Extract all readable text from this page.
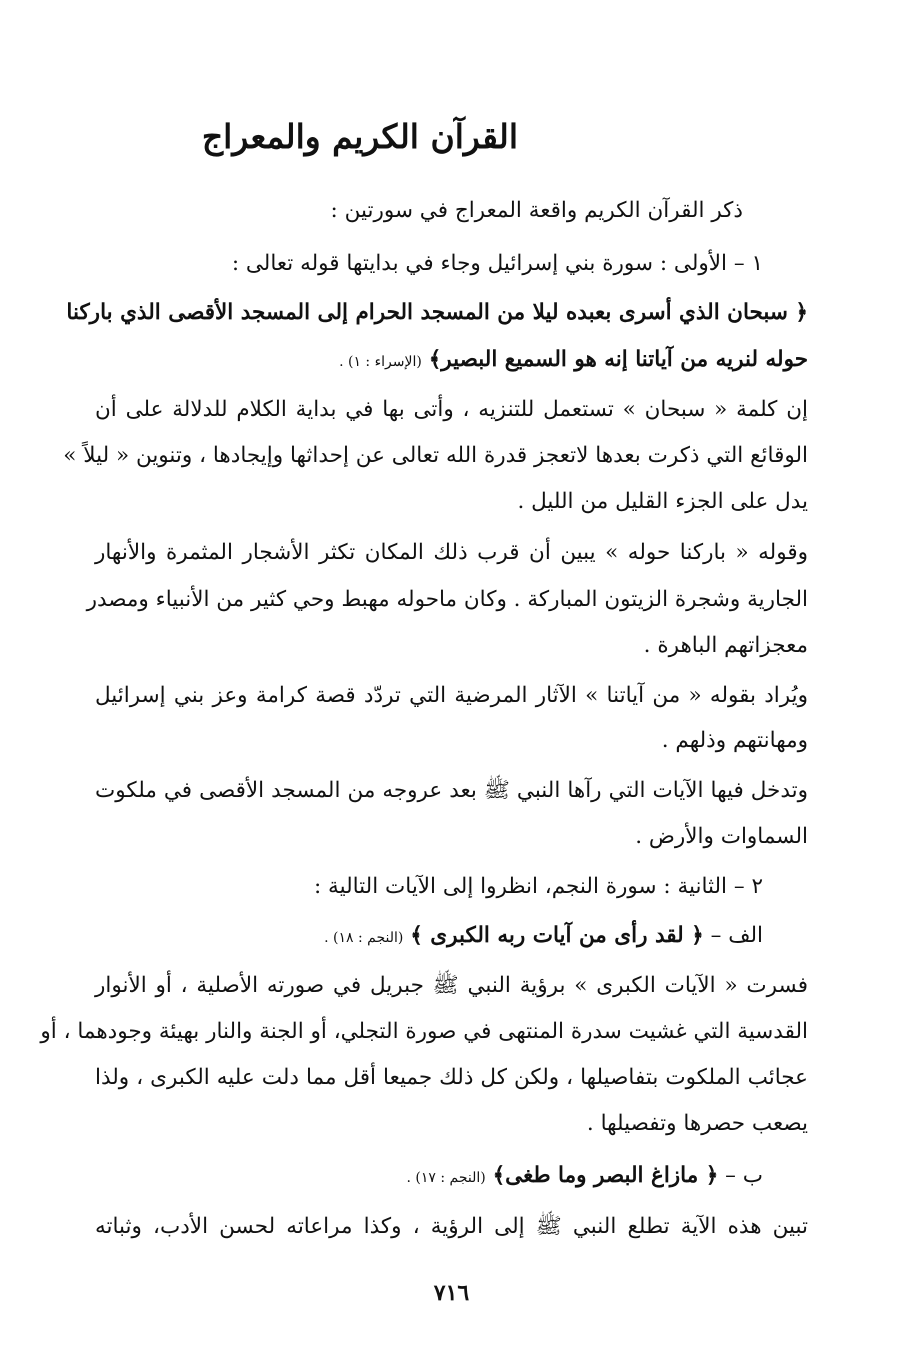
القرآن الكريم والمعراج
ذكر القرآن الكريم واقعة المعراج في سورتين :
١ – الأولى : سورة بني إسرائيل وجاء في بدايتها قوله تعالى :
﴿ سبحان الذي أسرى بعبده ليلا من المسجد الحرام إلى المسجد الأقصى الذي باركنا
حوله لنريه من آياتنا إنه هو السميع البصير﴾ (الإسراء : ١) .
إن كلمة « سبحان » تستعمل للتنزيه ، وأتى بها في بداية الكلام للدلالة على أن
الوقائع التي ذكرت بعدها لاتعجز قدرة الله تعالى عن إحداثها وإيجادها ، وتنوين « ليلاً »
يدل على الجزء القليل من الليل .
وقوله « باركنا حوله » يبين أن قرب ذلك المكان تكثر الأشجار المثمرة والأنهار
الجارية وشجرة الزيتون المباركة . وكان ماحوله مهبط وحي كثير من الأنبياء ومصدر
معجزاتهم الباهرة .
ويُراد بقوله « من آياتنا » الآثار المرضية التي تردّد قصة كرامة وعز بني إسرائيل
ومهانتهم وذلهم .
وتدخل فيها الآيات التي رآها النبي ﷺ بعد عروجه من المسجد الأقصى في ملكوت
السماوات والأرض .
٢ – الثانية : سورة النجم، انظروا إلى الآيات التالية :
الف – ﴿ لقد رأى من آيات ربه الكبرى ﴾ (النجم : ١٨) .
فسرت « الآيات الكبرى » برؤية النبي ﷺ جبريل في صورته الأصلية ، أو الأنوار
القدسية التي غشيت سدرة المنتهى في صورة التجلي، أو الجنة والنار بهيئة وجودهما ، أو
عجائب الملكوت بتفاصيلها ، ولكن كل ذلك جميعا أقل مما دلت عليه الكبرى ، ولذا
يصعب حصرها وتفصيلها .
ب – ﴿ مازاغ البصر وما طغى﴾ (النجم : ١٧) .
تبين هذه الآية تطلع النبي ﷺ إلى الرؤية ، وكذا مراعاته لحسن الأدب، وثباته
٧١٦
